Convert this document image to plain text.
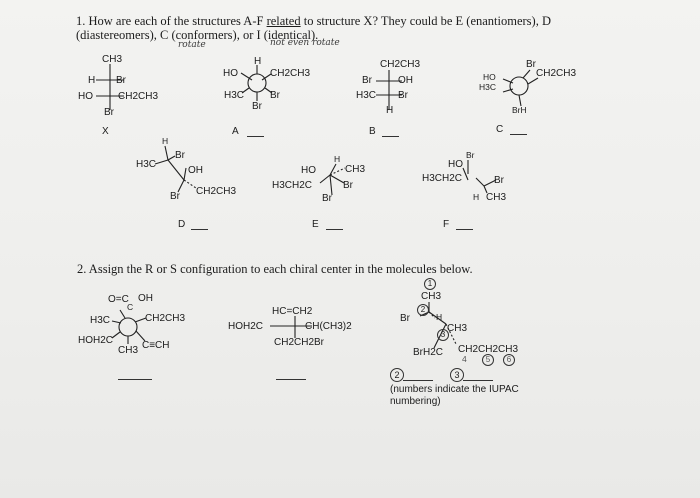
1. How are each of the structures A-F related to structure X? They could be E (enantiomers), D
(diastereomers), C (conformers), or I (identical).
rotate	not even rotate
CH3
H Br
HO	CH2CH3
Br
X
H
HO	CH2CH3
H3C	Br
Br
A
CH2CH3
Br	OH
H3C Br
H
B
HO
H3C
Br
CH2CH3
BrH
C
H
H3C
Br
OH
Br CH2CH3
D
H
HO	CH3
H3CH2C	Br
Br
E
HO
Br
H3CH2C	Br
H CH3
F
2. Assign the R or S configuration to each chiral center in the molecules below.
O=C OH
C
H3C	CH2CH3
HOH2C
CH3 C≡CH
HC=CH2
HOH2C	CH(CH3)2
CH2CH2Br
1
CH3
2
Br	H
3
CH3
BrH2C CH2CH2CH3
4	5	6
2	3
(numbers indicate the IUPAC
numbering)
